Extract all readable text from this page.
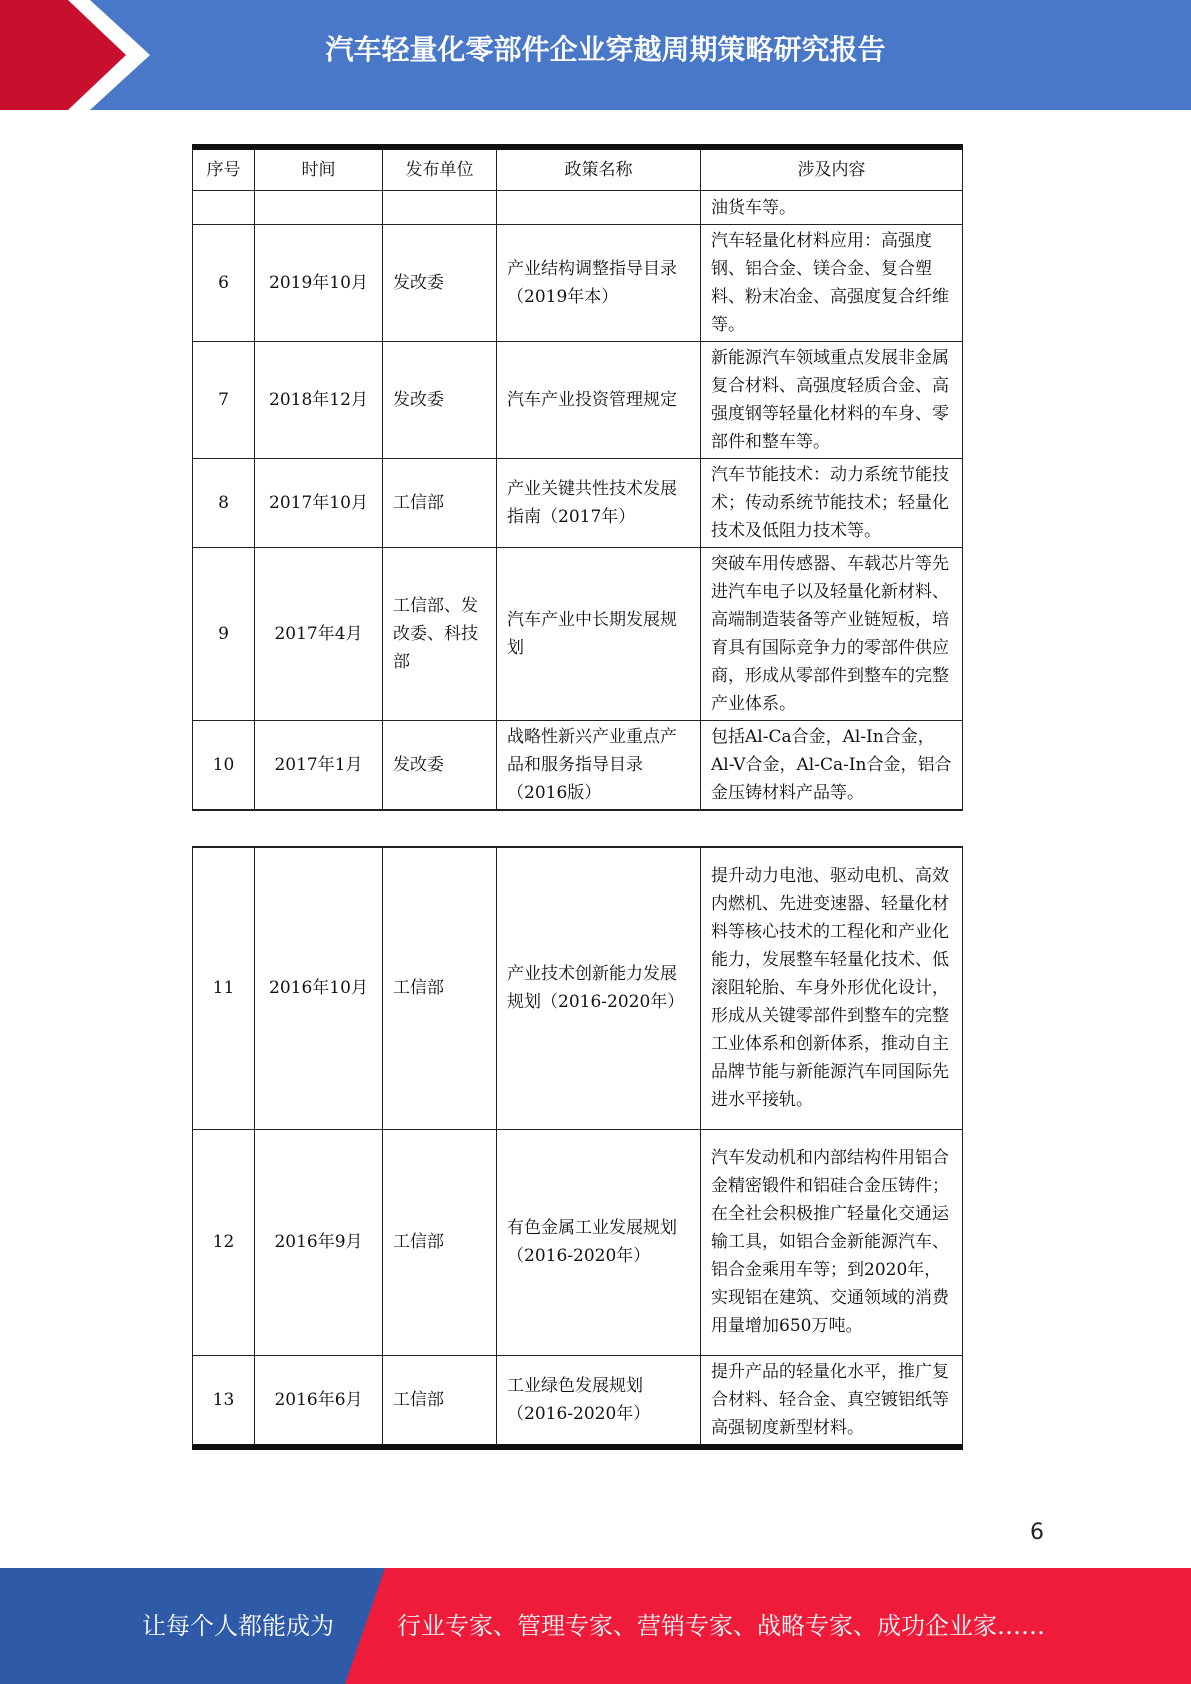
汽车轻量化零部件企业穿越周期策略研究报告
序号	时间	发布单位	政策名称	涉及内容
				油货车等。
6	2019年10月	发改委	产业结构调整指导目录（2019年本）	汽车轻量化材料应用：高强度钢、铝合金、镁合金、复合塑料、粉末冶金、高强度复合纤维等。
7	2018年12月	发改委	汽车产业投资管理规定	新能源汽车领域重点发展非金属复合材料、高强度轻质合金、高强度钢等轻量化材料的车身、零部件和整车等。
8	2017年10月	工信部	产业关键共性技术发展指南（2017年）	汽车节能技术：动力系统节能技术；传动系统节能技术；轻量化技术及低阻力技术等。
9	2017年4月	工信部、发改委、科技部	汽车产业中长期发展规划	突破车用传感器、车载芯片等先进汽车电子以及轻量化新材料、高端制造装备等产业链短板，培育具有国际竞争力的零部件供应商，形成从零部件到整车的完整产业体系。
10	2017年1月	发改委	战略性新兴产业重点产品和服务指导目录（2016版）	包括Al-Ca合金，Al-In合金，Al-V合金，Al-Ca-In合金，铝合金压铸材料产品等。
11	2016年10月	工信部	产业技术创新能力发展规划（2016-2020年）	提升动力电池、驱动电机、高效内燃机、先进变速器、轻量化材料等核心技术的工程化和产业化能力，发展整车轻量化技术、低滚阻轮胎、车身外形优化设计，形成从关键零部件到整车的完整工业体系和创新体系，推动自主品牌节能与新能源汽车同国际先进水平接轨。
12	2016年9月	工信部	有色金属工业发展规划（2016-2020年）	汽车发动机和内部结构件用铝合金精密锻件和铝硅合金压铸件；在全社会积极推广轻量化交通运输工具，如铝合金新能源汽车、铝合金乘用车等；到2020年，实现铝在建筑、交通领域的消费用量增加650万吨。
13	2016年6月	工信部	工业绿色发展规划（2016-2020年）	提升产品的轻量化水平，推广复合材料、轻合金、真空镀铝纸等高强韧度新型材料。
6
让每个人都能成为	行业专家、管理专家、营销专家、战略专家、成功企业家……
